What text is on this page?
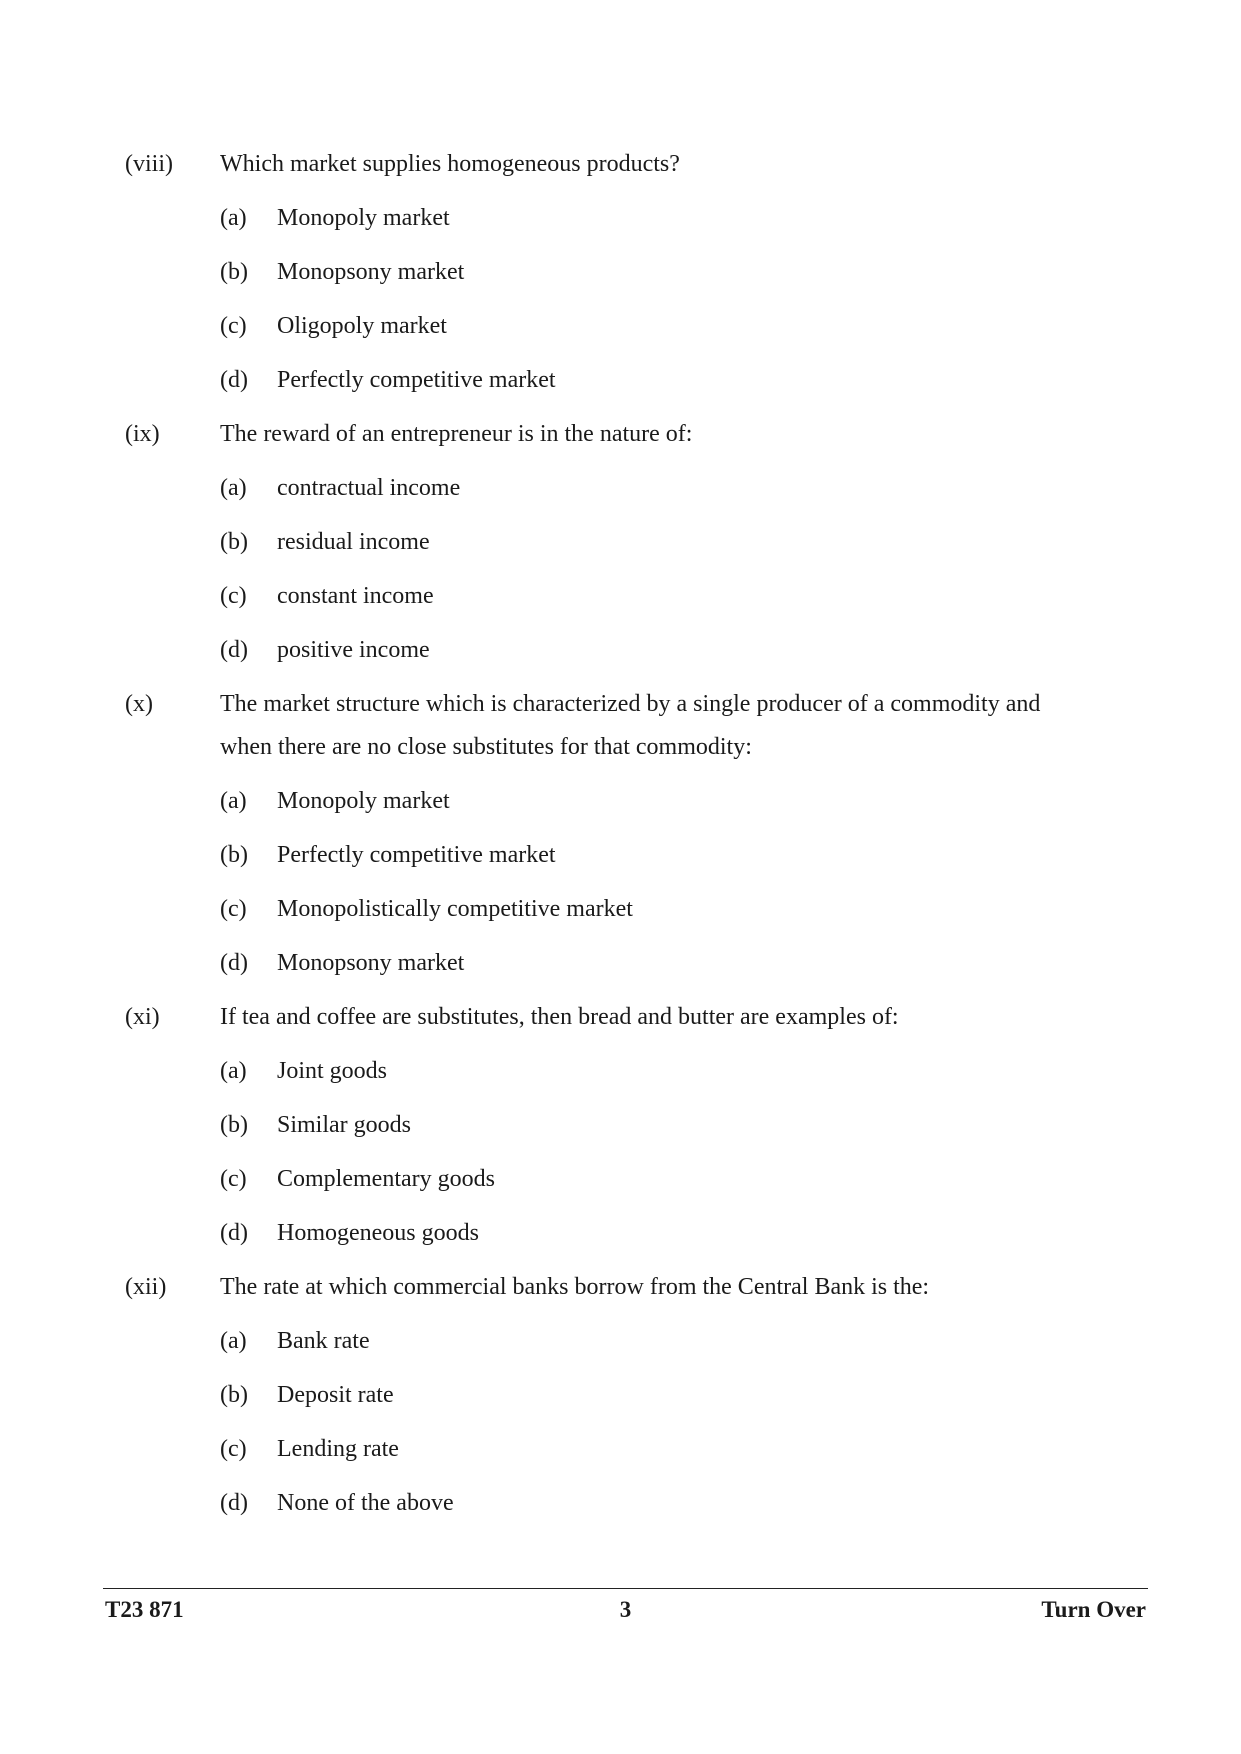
(viii)	Which market supplies homogeneous products?
(a)	Monopoly market
(b)	Monopsony market
(c)	Oligopoly market
(d)	Perfectly competitive market
(ix)	The reward of an entrepreneur is in the nature of:
(a)	contractual income
(b)	residual income
(c)	constant income
(d)	positive income
(x)	The market structure which is characterized by a single producer of a commodity and when there are no close substitutes for that commodity:
(a)	Monopoly market
(b)	Perfectly competitive market
(c)	Monopolistically competitive market
(d)	Monopsony market
(xi)	If tea and coffee are substitutes, then bread and butter are examples of:
(a)	Joint goods
(b)	Similar goods
(c)	Complementary goods
(d)	Homogeneous goods
(xii)	The rate at which commercial banks borrow from the Central Bank is the:
(a)	Bank rate
(b)	Deposit rate
(c)	Lending rate
(d)	None of the above
T23 871	3	Turn Over
